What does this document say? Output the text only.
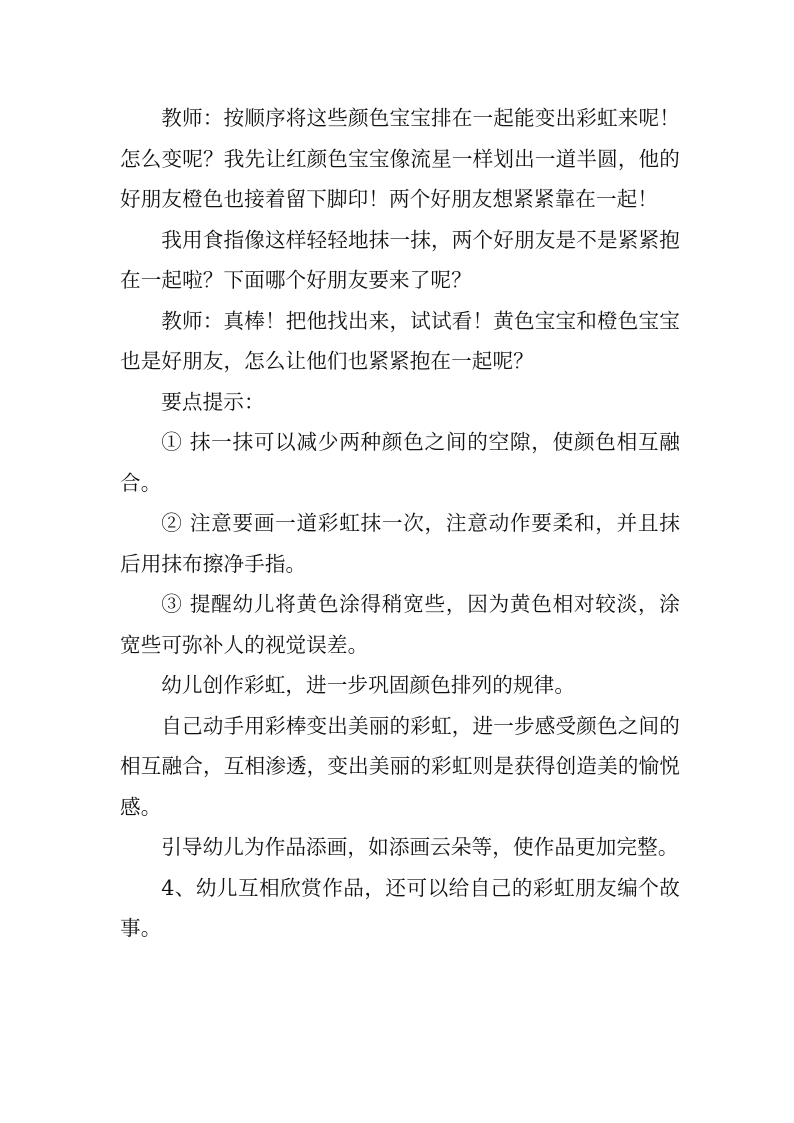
教师：按顺序将这些颜色宝宝排在一起能变出彩虹来呢！怎么变呢？我先让红颜色宝宝像流星一样划出一道半圆，他的好朋友橙色也接着留下脚印！两个好朋友想紧紧靠在一起！

我用食指像这样轻轻地抹一抹，两个好朋友是不是紧紧抱在一起啦？下面哪个好朋友要来了呢？

教师：真棒！把他找出来，试试看！黄色宝宝和橙色宝宝也是好朋友，怎么让他们也紧紧抱在一起呢？

要点提示：

① 抹一抹可以减少两种颜色之间的空隙，使颜色相互融合。

② 注意要画一道彩虹抹一次，注意动作要柔和，并且抹后用抹布擦净手指。

③ 提醒幼儿将黄色涂得稍宽些，因为黄色相对较淡，涂宽些可弥补人的视觉误差。

幼儿创作彩虹，进一步巩固颜色排列的规律。

自己动手用彩棒变出美丽的彩虹，进一步感受颜色之间的相互融合，互相渗透，变出美丽的彩虹则是获得创造美的愉悦感。

引导幼儿为作品添画，如添画云朵等，使作品更加完整。

4、幼儿互相欣赏作品，还可以给自己的彩虹朋友编个故事。
